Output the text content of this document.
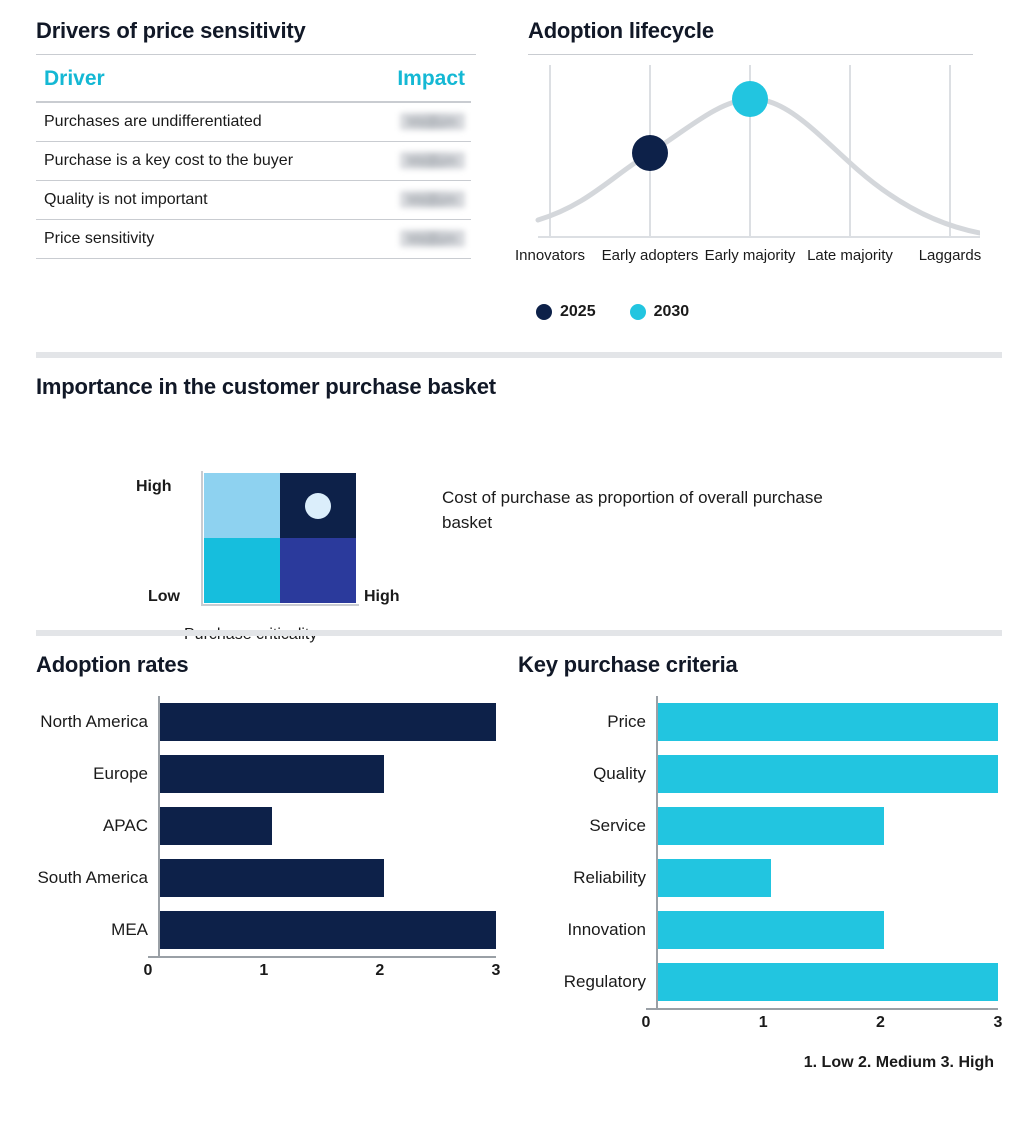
Drivers of price sensitivity
Driver	Impact
Purchases are undifferentiated	Medium
Purchase is a key cost to the buyer	Medium
Quality is not important	Medium
Price sensitivity	Medium
Adoption lifecycle
Innovators	Early adopters Early majority Late majority	Laggards
2025	2030
Importance in the customer purchase basket
High
Low	High
Cost of purchase as proportion of overall purchase basket
Adoption rates
North America
Europe
APAC
South America
MEA
0	1	2	3
Key purchase criteria
Price
Quality
Service
Reliability
Innovation
Regulatory
0	1	2	3
1. Low 2. Medium 3. High
